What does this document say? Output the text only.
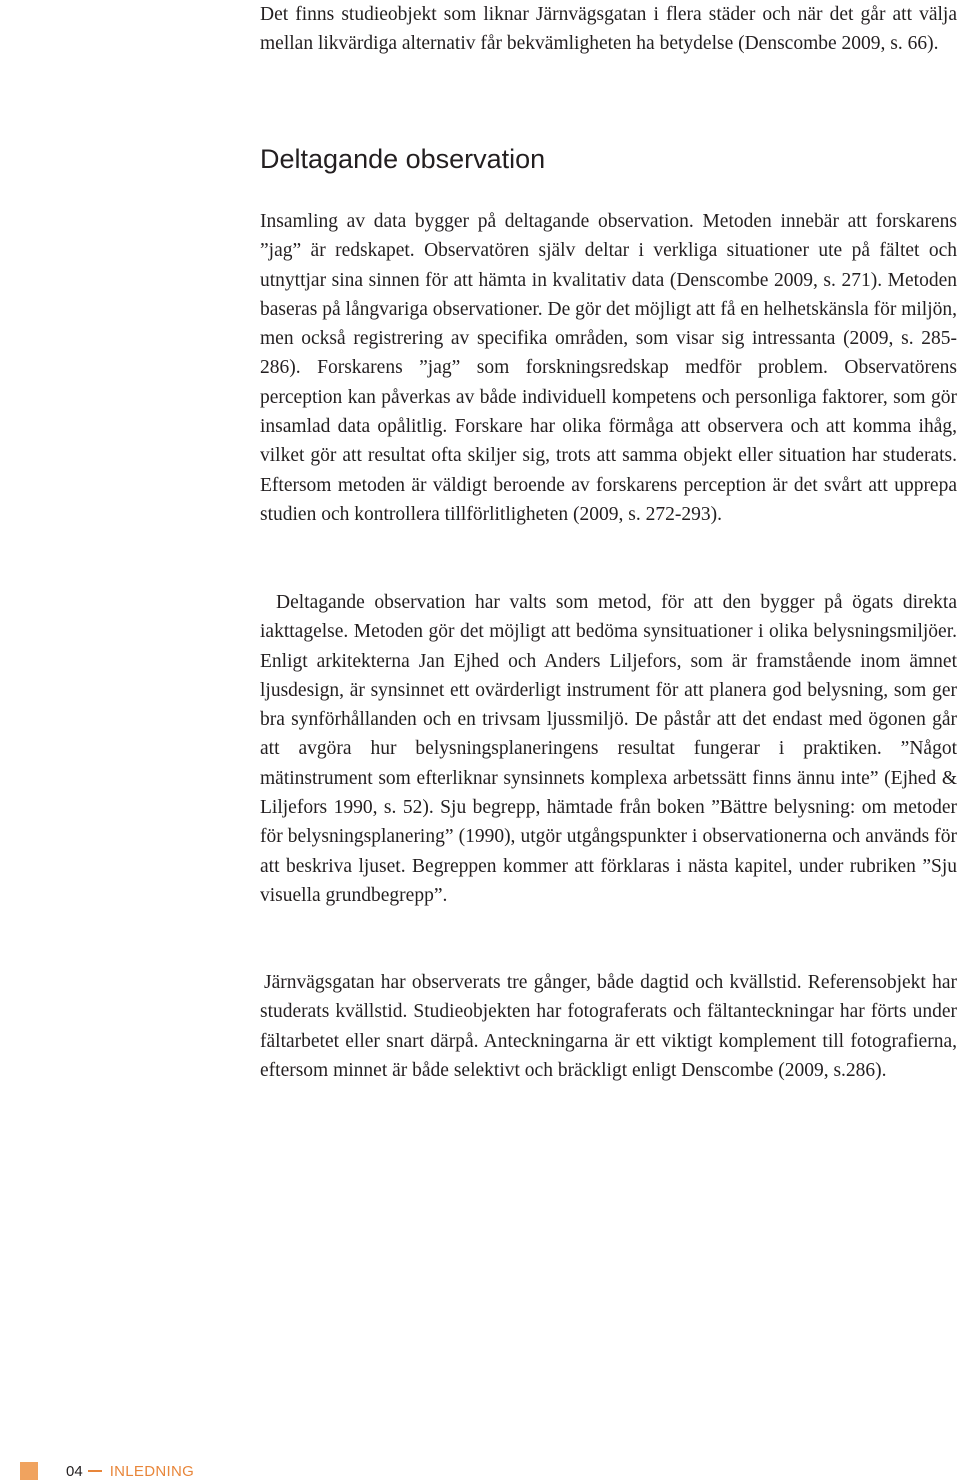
Det finns studieobjekt som liknar Järnvägsgatan i flera städer och när det går att välja mellan likvärdiga alternativ får bekvämligheten ha betydelse (Denscombe 2009, s. 66).

Deltagande observation

Insamling av data bygger på deltagande observation. Metoden innebär att forskarens ”jag” är redskapet. Observatören själv deltar i verkliga situationer ute på fältet och utnyttjar sina sinnen för att hämta in kvalitativ data (Denscombe 2009, s. 271). Metoden baseras på långvariga observationer. De gör det möjligt att få en helhetskänsla för miljön, men också registrering av specifika områden, som visar sig intressanta (2009, s. 285-286). Forskarens ”jag” som forskningsredskap medför problem. Observatörens perception kan påverkas av både individuell kompetens och personliga faktorer, som gör insamlad data opålitlig. Forskare har olika förmåga att observera och att komma ihåg, vilket gör att resultat ofta skiljer sig, trots att samma objekt eller situation har studerats. Eftersom metoden är väldigt beroende av forskarens perception är det svårt att upprepa studien och kontrollera tillförlitligheten (2009, s. 272-293).

Deltagande observation har valts som metod, för att den bygger på ögats direkta iakttagelse. Metoden gör det möjligt att bedöma synsituationer i olika belysningsmiljöer. Enligt arkitekterna Jan Ejhed och Anders Liljefors, som är framstående inom ämnet ljusdesign, är synsinnet ett ovärderligt instrument för att planera god belysning, som ger bra synförhållanden och en trivsam ljussmiljö. De påstår att det endast med ögonen går att avgöra hur belysningsplaneringens resultat fungerar i praktiken. ”Något mätinstrument som efterliknar synsinnets komplexa arbetssätt finns ännu inte” (Ejhed & Liljefors 1990, s. 52). Sju begrepp, hämtade från boken ”Bättre belysning: om metoder för belysningsplanering” (1990), utgör utgångspunkter i observationerna och används för att beskriva ljuset. Begreppen kommer att förklaras i nästa kapitel, under rubriken ”Sju visuella grundbegrepp”.

Järnvägsgatan har observerats tre gånger, både dagtid och kvällstid. Referensobjekt har studerats kvällstid. Studieobjekten har fotograferats och fältanteckningar har förts under fältarbetet eller snart därpå. Anteckningarna är ett viktigt komplement till fotografierna, eftersom minnet är både selektivt och bräckligt enligt Denscombe (2009, s.286).

04 INLEDNING
